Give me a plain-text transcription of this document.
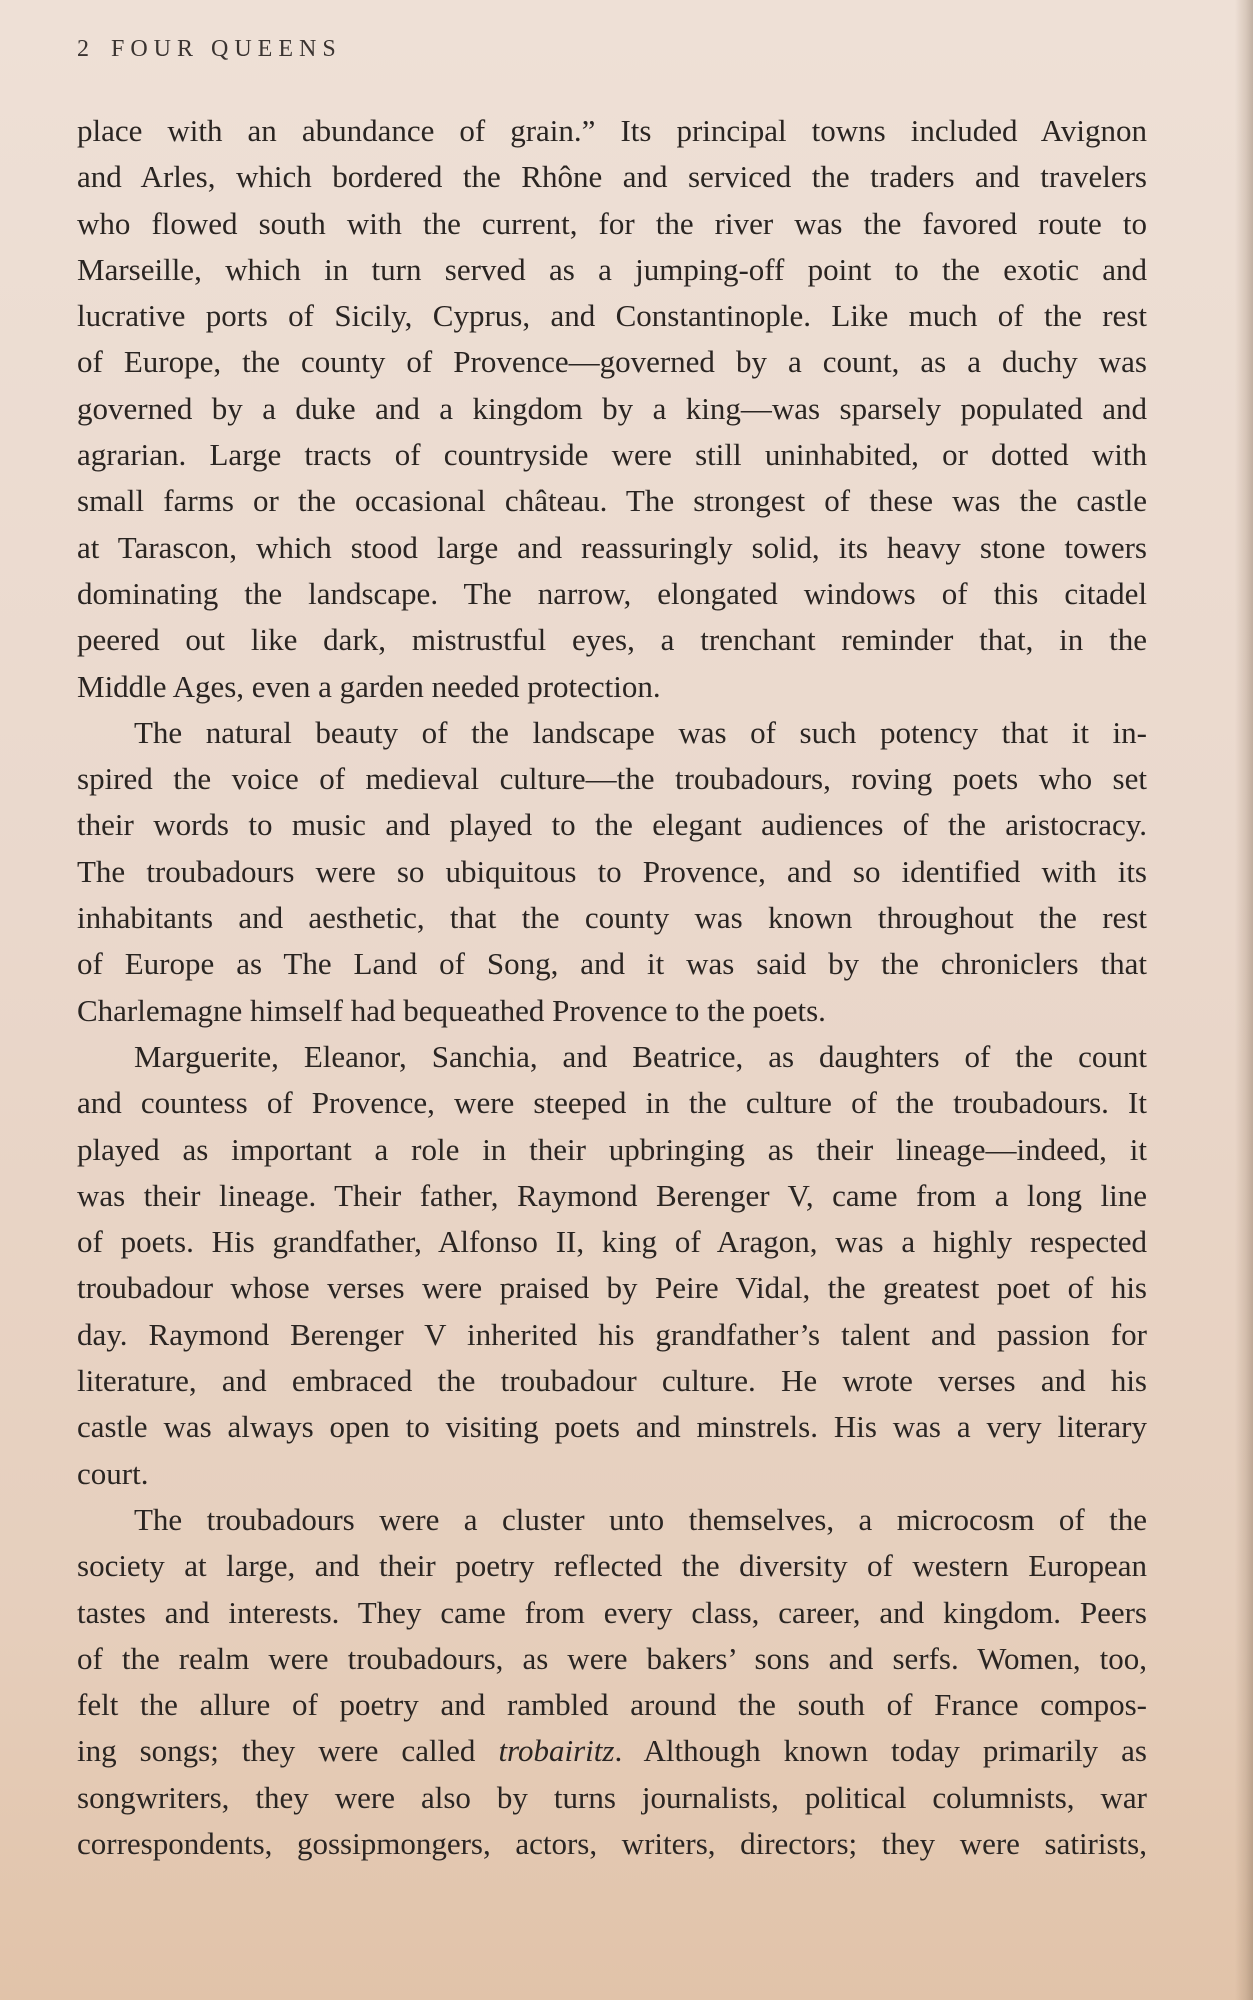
2 FOUR QUEENS
place with an abundance of grain.” Its principal towns included Avignon
and Arles, which bordered the Rhône and serviced the traders and travelers
who flowed south with the current, for the river was the favored route to
Marseille, which in turn served as a jumping-off point to the exotic and
lucrative ports of Sicily, Cyprus, and Constantinople. Like much of the rest
of Europe, the county of Provence—governed by a count, as a duchy was
governed by a duke and a kingdom by a king—was sparsely populated and
agrarian. Large tracts of countryside were still uninhabited, or dotted with
small farms or the occasional château. The strongest of these was the castle
at Tarascon, which stood large and reassuringly solid, its heavy stone towers
dominating the landscape. The narrow, elongated windows of this citadel
peered out like dark, mistrustful eyes, a trenchant reminder that, in the
Middle Ages, even a garden needed protection.
The natural beauty of the landscape was of such potency that it in-
spired the voice of medieval culture—the troubadours, roving poets who set
their words to music and played to the elegant audiences of the aristocracy.
The troubadours were so ubiquitous to Provence, and so identified with its
inhabitants and aesthetic, that the county was known throughout the rest
of Europe as The Land of Song, and it was said by the chroniclers that
Charlemagne himself had bequeathed Provence to the poets.
Marguerite, Eleanor, Sanchia, and Beatrice, as daughters of the count
and countess of Provence, were steeped in the culture of the troubadours. It
played as important a role in their upbringing as their lineage—indeed, it
was their lineage. Their father, Raymond Berenger V, came from a long line
of poets. His grandfather, Alfonso II, king of Aragon, was a highly respected
troubadour whose verses were praised by Peire Vidal, the greatest poet of his
day. Raymond Berenger V inherited his grandfather’s talent and passion for
literature, and embraced the troubadour culture. He wrote verses and his
castle was always open to visiting poets and minstrels. His was a very literary
court.
The troubadours were a cluster unto themselves, a microcosm of the
society at large, and their poetry reflected the diversity of western European
tastes and interests. They came from every class, career, and kingdom. Peers
of the realm were troubadours, as were bakers’ sons and serfs. Women, too,
felt the allure of poetry and rambled around the south of France compos-
ing songs; they were called trobairitz. Although known today primarily as
songwriters, they were also by turns journalists, political columnists, war
correspondents, gossipmongers, actors, writers, directors; they were satirists,
